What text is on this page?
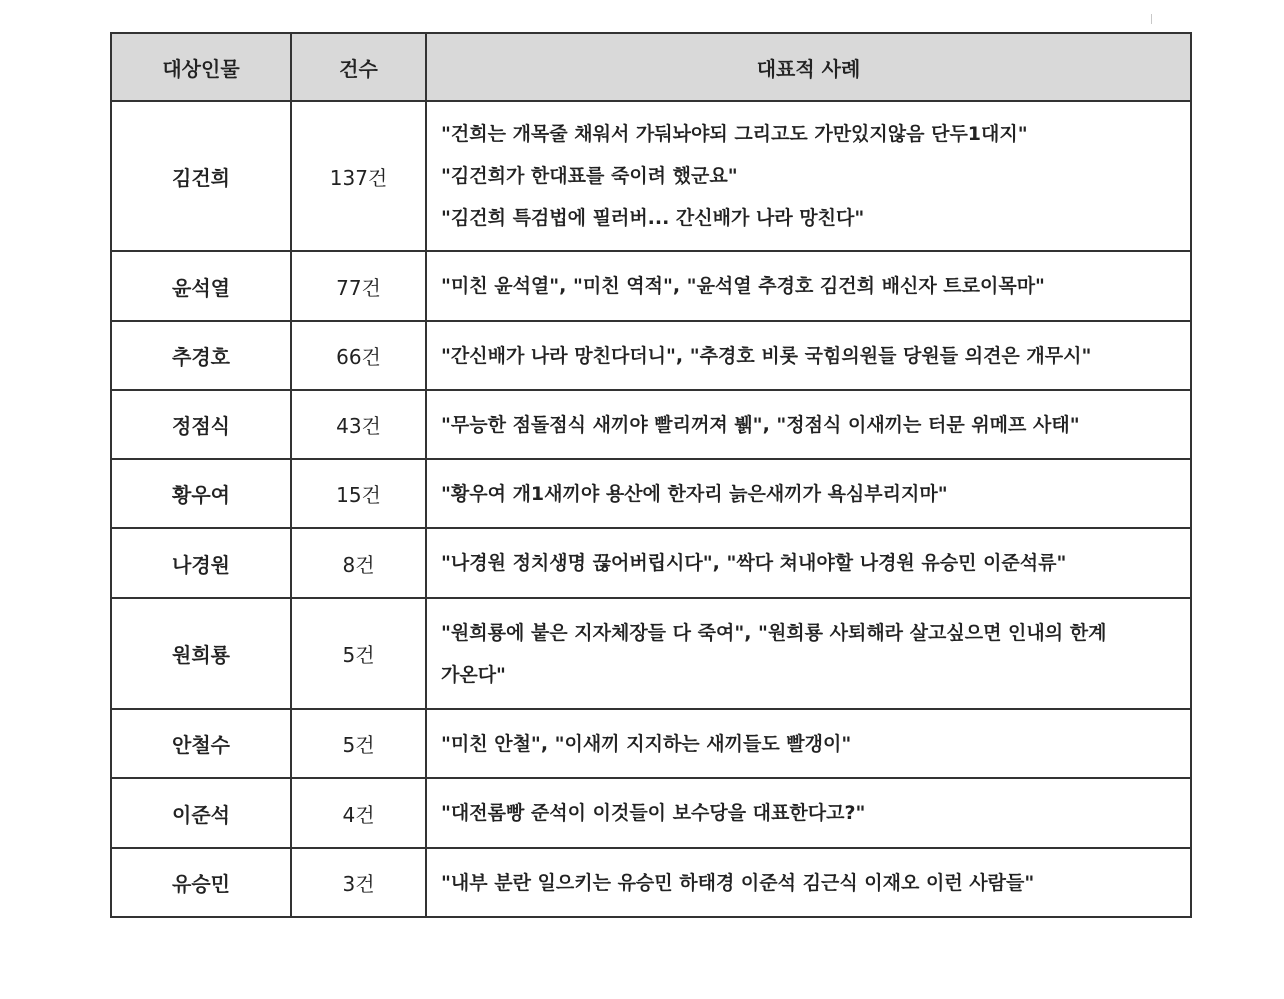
대상인물	건수	대표적 사례
김건희	137건	"건희는 개목줄 채워서 가둬놔야되 그리고도 가만있지않음 단두1대지"
"김건희가 한대표를 죽이려 했군요"
"김건희 특검법에 필러버... 간신배가 나라 망친다"

윤석열	77건	"미친 윤석열", "미친 역적", "윤석열 추경호 김건희 배신자 트로이목마"

추경호	66건	"간신배가 나라 망친다더니", "추경호 비롯 국힘의원들 당원들 의견은 개무시"

정점식	43건	"무능한 점돌점식 새끼야 빨리꺼져 뷁", "정점식 이새끼는 터문 위메프 사태"

황우여	15건	"황우여 개1새끼야 용산에 한자리 늙은새끼가 욕심부리지마"

나경원	8건	"나경원 정치생명 끊어버립시다", "싹다 쳐내야할 나경원 유승민 이준석류"

원희룡	5건	"원희룡에 붙은 지자체장들 다 죽여", "원희룡 사퇴해라 살고싶으면 인내의 한계
가온다"

안철수	5건	"미친 안철", "이새끼 지지하는 새끼들도 빨갱이"

이준석	4건	"대전롬빵 준석이 이것들이 보수당을 대표한다고?"

유승민	3건	"내부 분란 일으키는 유승민 하태경 이준석 김근식 이재오 이런 사람들"
